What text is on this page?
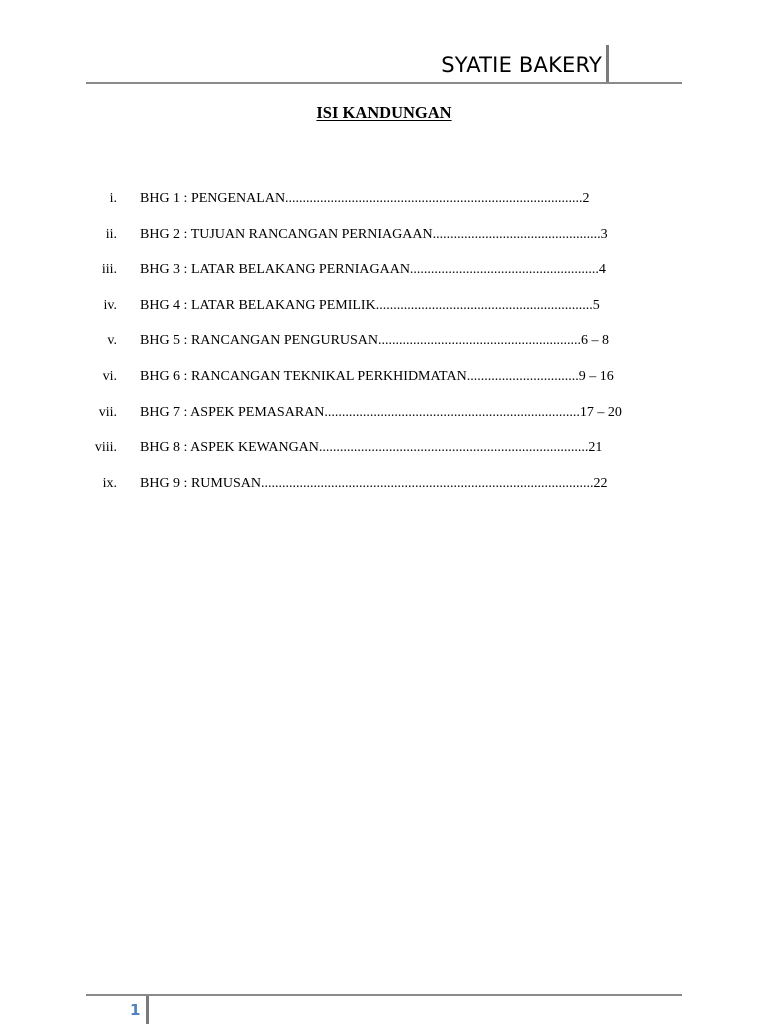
SYATIE BAKERY
ISI KANDUNGAN
i. BHG 1 : PENGENALAN.....................................................................................2
ii. BHG 2 : TUJUAN RANCANGAN PERNIAGAAN................................................3
iii. BHG 3 : LATAR BELAKANG PERNIAGAAN......................................................4
iv. BHG 4 : LATAR BELAKANG PEMILIK..............................................................5
v. BHG 5 : RANCANGAN PENGURUSAN..........................................................6 – 8
vi. BHG 6 : RANCANGAN TEKNIKAL PERKHIDMATAN................................9 – 16
vii. BHG 7 : ASPEK PEMASARAN.........................................................................17 – 20
viii. BHG 8 : ASPEK KEWANGAN.............................................................................21
ix. BHG 9 : RUMUSAN...............................................................................................22
1
